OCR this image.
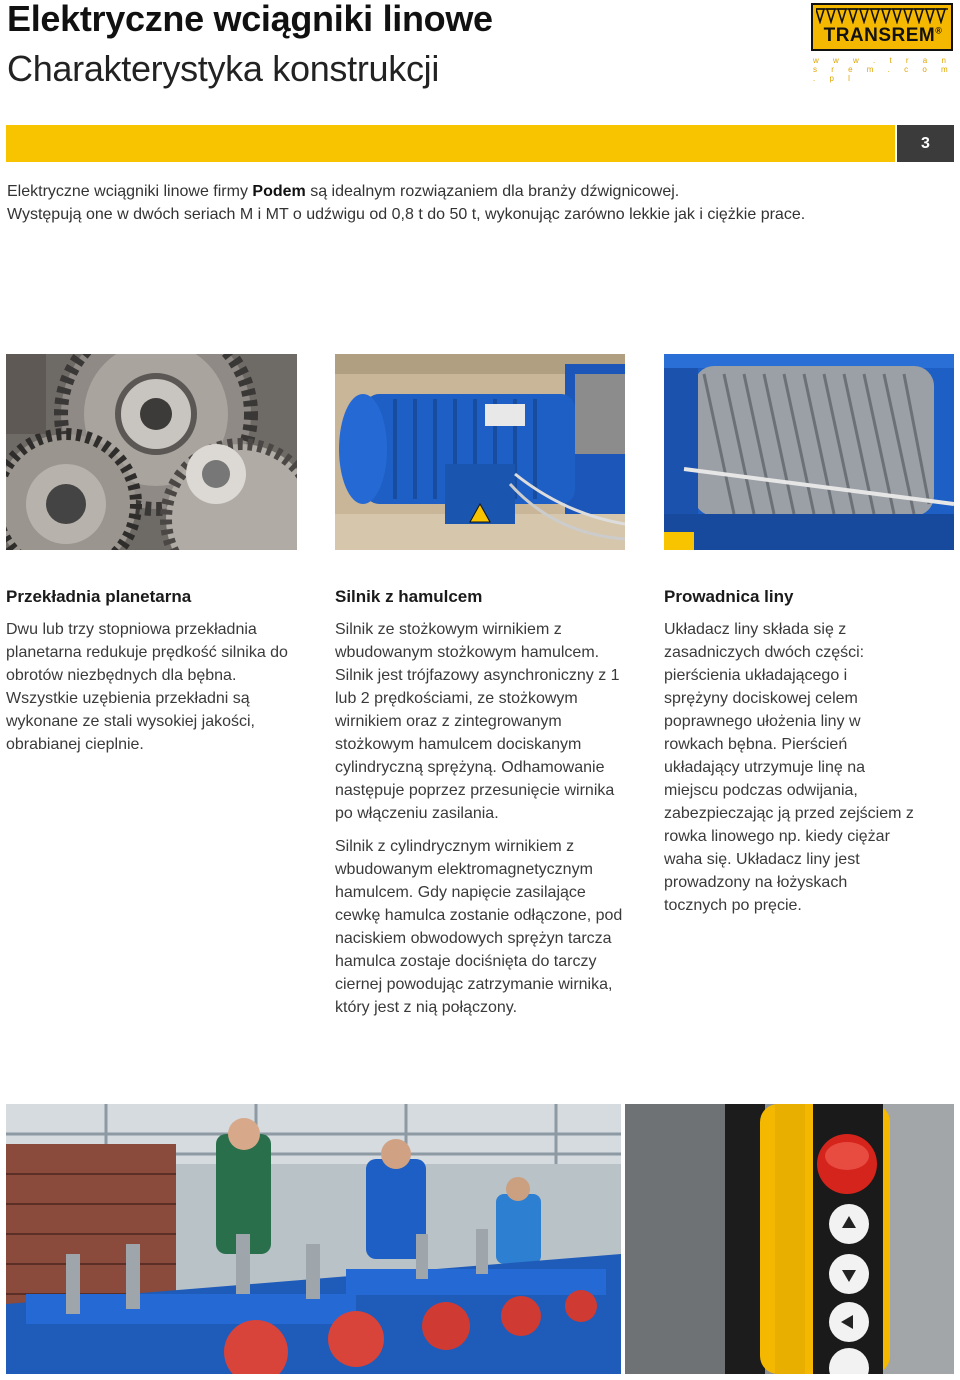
Elektryczne wciągniki linowe
Charakterystyka konstrukcji
TRANSREM®
w w w . t r a n s r e m . c o m . p l
3

Elektryczne wciągniki linowe firmy Podem są idealnym rozwiązaniem dla branży dźwignicowej.

Występują one w dwóch seriach M i MT o udźwigu od 0,8 t do 50 t, wykonując zarówno lekkie jak i ciężkie prace.

Przekładnia planetarna

Dwu lub trzy stopniowa przekładnia planetarna redukuje prędkość silnika do obrotów niezbędnych dla bębna. Wszystkie uzębienia przekładni są wykonane ze stali wysokiej jakości, obrabianej cieplnie.

Silnik z hamulcem

Silnik ze stożkowym wirnikiem z wbudowanym stożkowym hamulcem. Silnik jest trójfazowy asynchroniczny z 1 lub 2 prędkościami, ze stożkowym wirnikiem oraz z zintegrowanym stożkowym hamulcem dociskanym cylindryczną sprężyną. Odhamowanie następuje poprzez przesunięcie wirnika po włączeniu zasilania.

Silnik z cylindrycznym wirnikiem z wbudowanym elektromagnetycznym hamulcem. Gdy napięcie zasilające cewkę hamulca zostanie odłączone, pod naciskiem obwodowych sprężyn tarcza hamulca zostaje dociśnięta do tarczy ciernej powodując zatrzymanie wirnika, który jest z nią połączony.

Prowadnica liny

Układacz liny składa się z zasadniczych dwóch części: pierścienia układającego i sprężyny dociskowej celem poprawnego ułożenia liny w rowkach bębna. Pierścień układający utrzymuje linę na miejscu podczas odwijania, zabezpieczając ją przed zejściem z rowka linowego np. kiedy ciężar waha się. Układacz liny jest prowadzony na łożyskach tocznych po pręcie.
